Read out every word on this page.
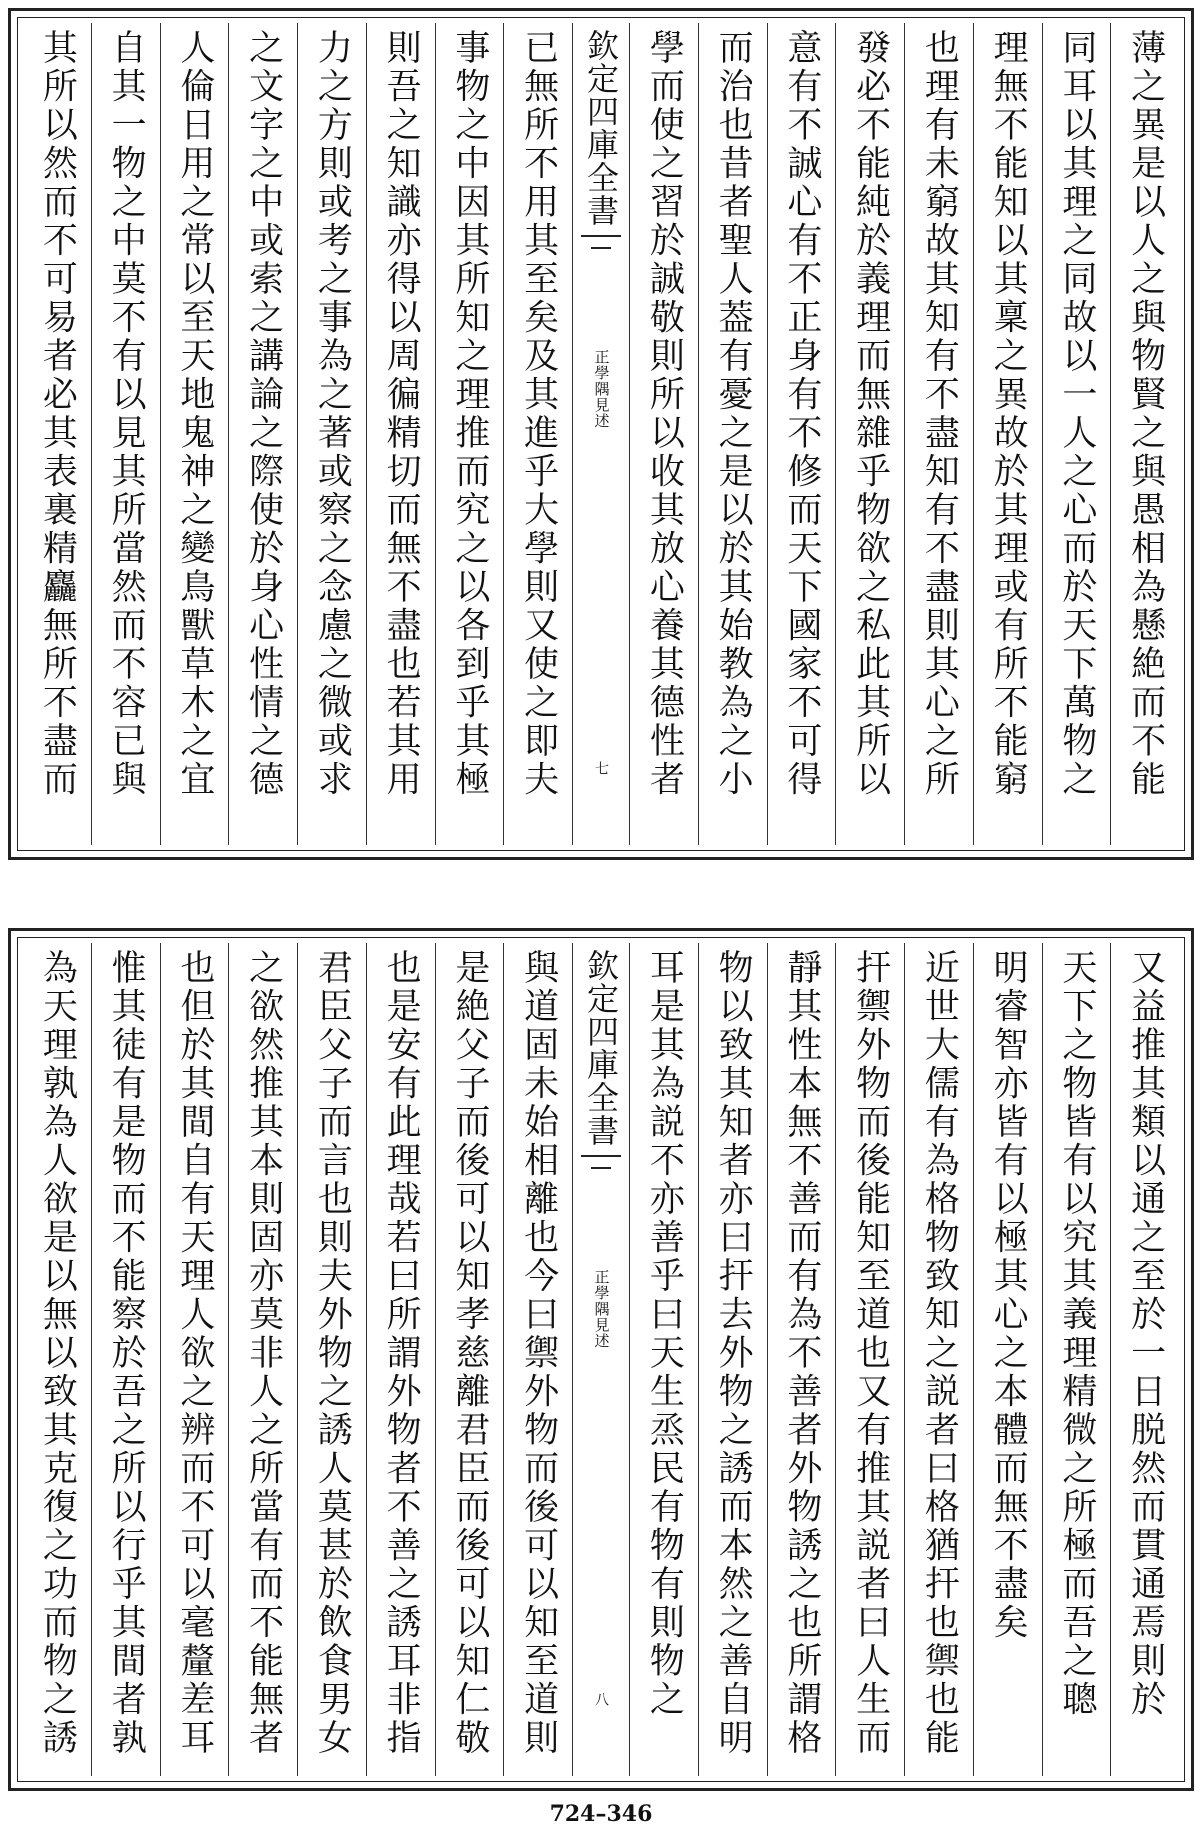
薄之異是以人之與物賢之與愚相為懸絶而不能
同耳以其理之同故以一人之心而於天下萬物之
理無不能知以其稟之異故於其理或有所不能窮
也理有未窮故其知有不盡知有不盡則其心之所
發必不能純於義理而無雜乎物欲之私此其所以
意有不誠心有不正身有不修而天下國家不可得
而治也昔者聖人葢有憂之是以於其始教為之小
學而使之習於誠敬則所以收其放心養其德性者
欽定四庫全書
正學隅見述
七
已無所不用其至矣及其進乎大學則又使之即夫
事物之中因其所知之理推而究之以各到乎其極
則吾之知識亦得以周徧精切而無不盡也若其用
力之方則或考之事為之著或察之念慮之微或求
之文字之中或索之講論之際使於身心性情之德
人倫日用之常以至天地鬼神之變鳥獸草木之宜
自其一物之中莫不有以見其所當然而不容已與
其所以然而不可易者必其表裏精麤無所不盡而
又益推其類以通之至於一日脱然而貫通焉則於
天下之物皆有以究其義理精微之所極而吾之聰
明睿智亦皆有以極其心之本體而無不盡矣
近世大儒有為格物致知之説者曰格猶扞也禦也能
扞禦外物而後能知至道也又有推其説者曰人生而
靜其性本無不善而有為不善者外物誘之也所謂格
物以致其知者亦曰扞去外物之誘而本然之善自明
耳是其為説不亦善乎曰天生烝民有物有則物之
欽定四庫全書
正學隅見述
八
與道固未始相離也今曰禦外物而後可以知至道則
是絶父子而後可以知孝慈離君臣而後可以知仁敬
也是安有此理哉若曰所謂外物者不善之誘耳非指
君臣父子而言也則夫外物之誘人莫甚於飲食男女
之欲然推其本則固亦莫非人之所當有而不能無者
也但於其間自有天理人欲之辨而不可以毫釐差耳
惟其徒有是物而不能察於吾之所以行乎其間者孰
為天理孰為人欲是以無以致其克復之功而物之誘
724–346
